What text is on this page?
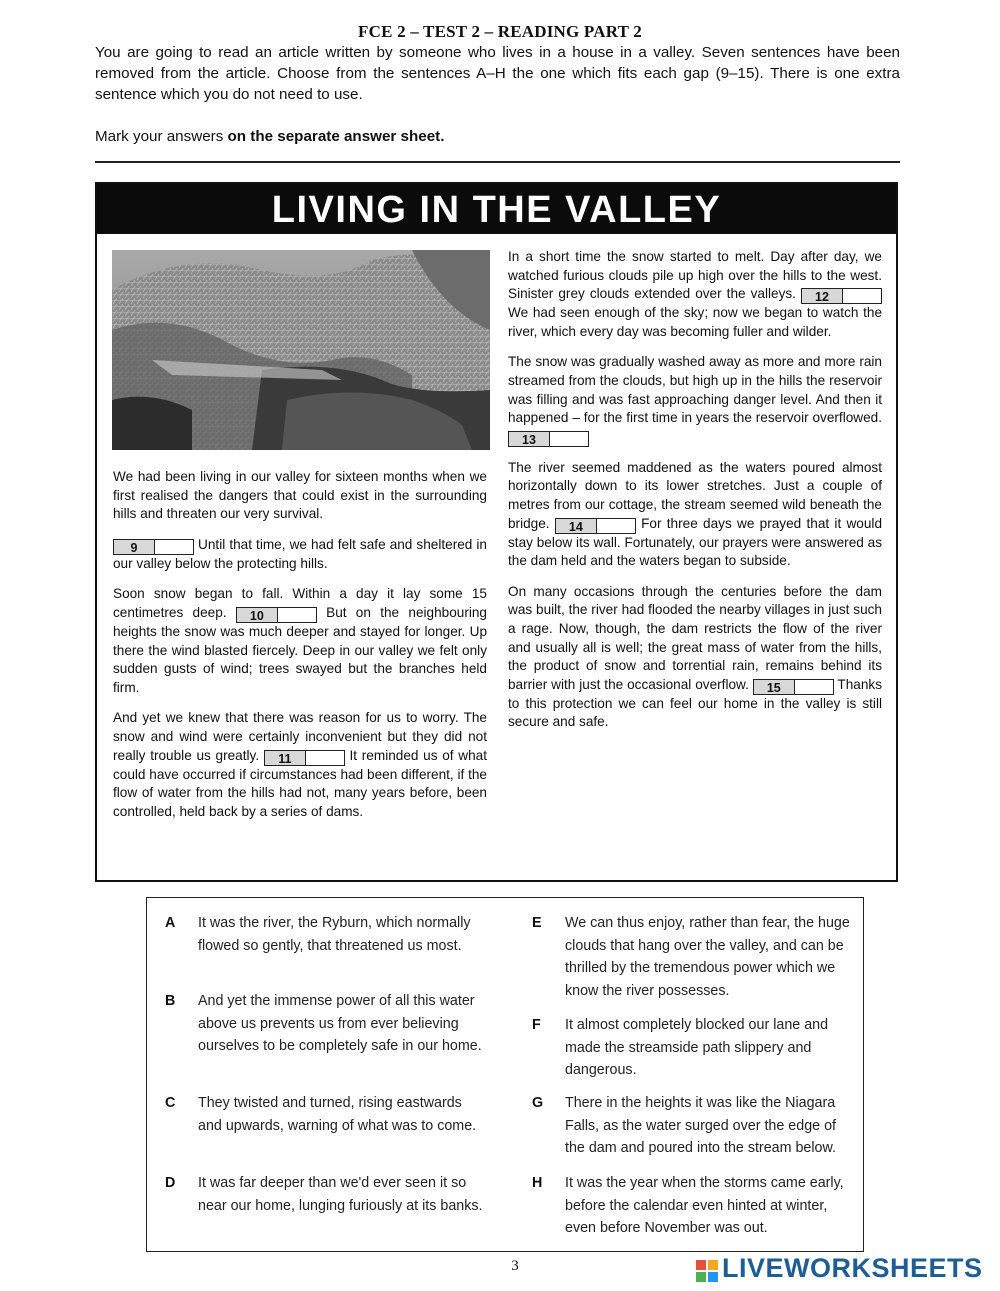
FCE 2 – TEST 2 – READING PART 2
You are going to read an article written by someone who lives in a house in a valley. Seven sentences have been removed from the article. Choose from the sentences A–H the one which fits each gap (9–15). There is one extra sentence which you do not need to use.
Mark your answers on the separate answer sheet.
LIVING IN THE VALLEY

We had been living in our valley for sixteen months when we first realised the dangers that could exist in the surrounding hills and threaten our very survival.

9	Until that time, we had felt safe and sheltered in our valley below the protecting hills.

Soon snow began to fall. Within a day it lay some 15 centimetres deep. 10	But on the neighbouring heights the snow was much deeper and stayed for longer. Up there the wind blasted fiercely. Deep in our valley we felt only sudden gusts of wind; trees swayed but the branches held firm.

And yet we knew that there was reason for us to worry. The snow and wind were certainly inconvenient but they did not really trouble us greatly. 11	It reminded us of what could have occurred if circumstances had been different, if the flow of water from the hills had not, many years before, been controlled, held back by a series of dams.

In a short time the snow started to melt. Day after day, we watched furious clouds pile up high over the hills to the west. Sinister grey clouds extended over the valleys. 12 We had seen enough of the sky; now we began to watch the river, which every day was becoming fuller and wilder.

The snow was gradually washed away as more and more rain streamed from the clouds, but high up in the hills the reservoir was filling and was fast approaching danger level. And then it happened – for the first time in years the reservoir overflowed. 13

The river seemed maddened as the waters poured almost horizontally down to its lower stretches. Just a couple of metres from our cottage, the stream seemed wild beneath the bridge. 14	For three days we prayed that it would stay below its wall. Fortunately, our prayers were answered as the dam held and the waters began to subside.

On many occasions through the centuries before the dam was built, the river had flooded the nearby villages in just such a rage. Now, though, the dam restricts the flow of the river and usually all is well; the great mass of water from the hills, the product of snow and torrential rain, remains behind its barrier with just the occasional overflow. 15	Thanks to this protection we can feel our home in the valley is still secure and safe.

A	It was the river, the Ryburn, which normally flowed so gently, that threatened us most.
B	And yet the immense power of all this water above us prevents us from ever believing ourselves to be completely safe in our home.
C	They twisted and turned, rising eastwards and upwards, warning of what was to come.
D	It was far deeper than we'd ever seen it so near our home, lunging furiously at its banks.
E	We can thus enjoy, rather than fear, the huge clouds that hang over the valley, and can be thrilled by the tremendous power which we know the river possesses.
F	It almost completely blocked our lane and made the streamside path slippery and dangerous.
G	There in the heights it was like the Niagara Falls, as the water surged over the edge of the dam and poured into the stream below.
H	It was the year when the storms came early, before the calendar even hinted at winter, even before November was out.
3	LIVEWORKSHEETS
